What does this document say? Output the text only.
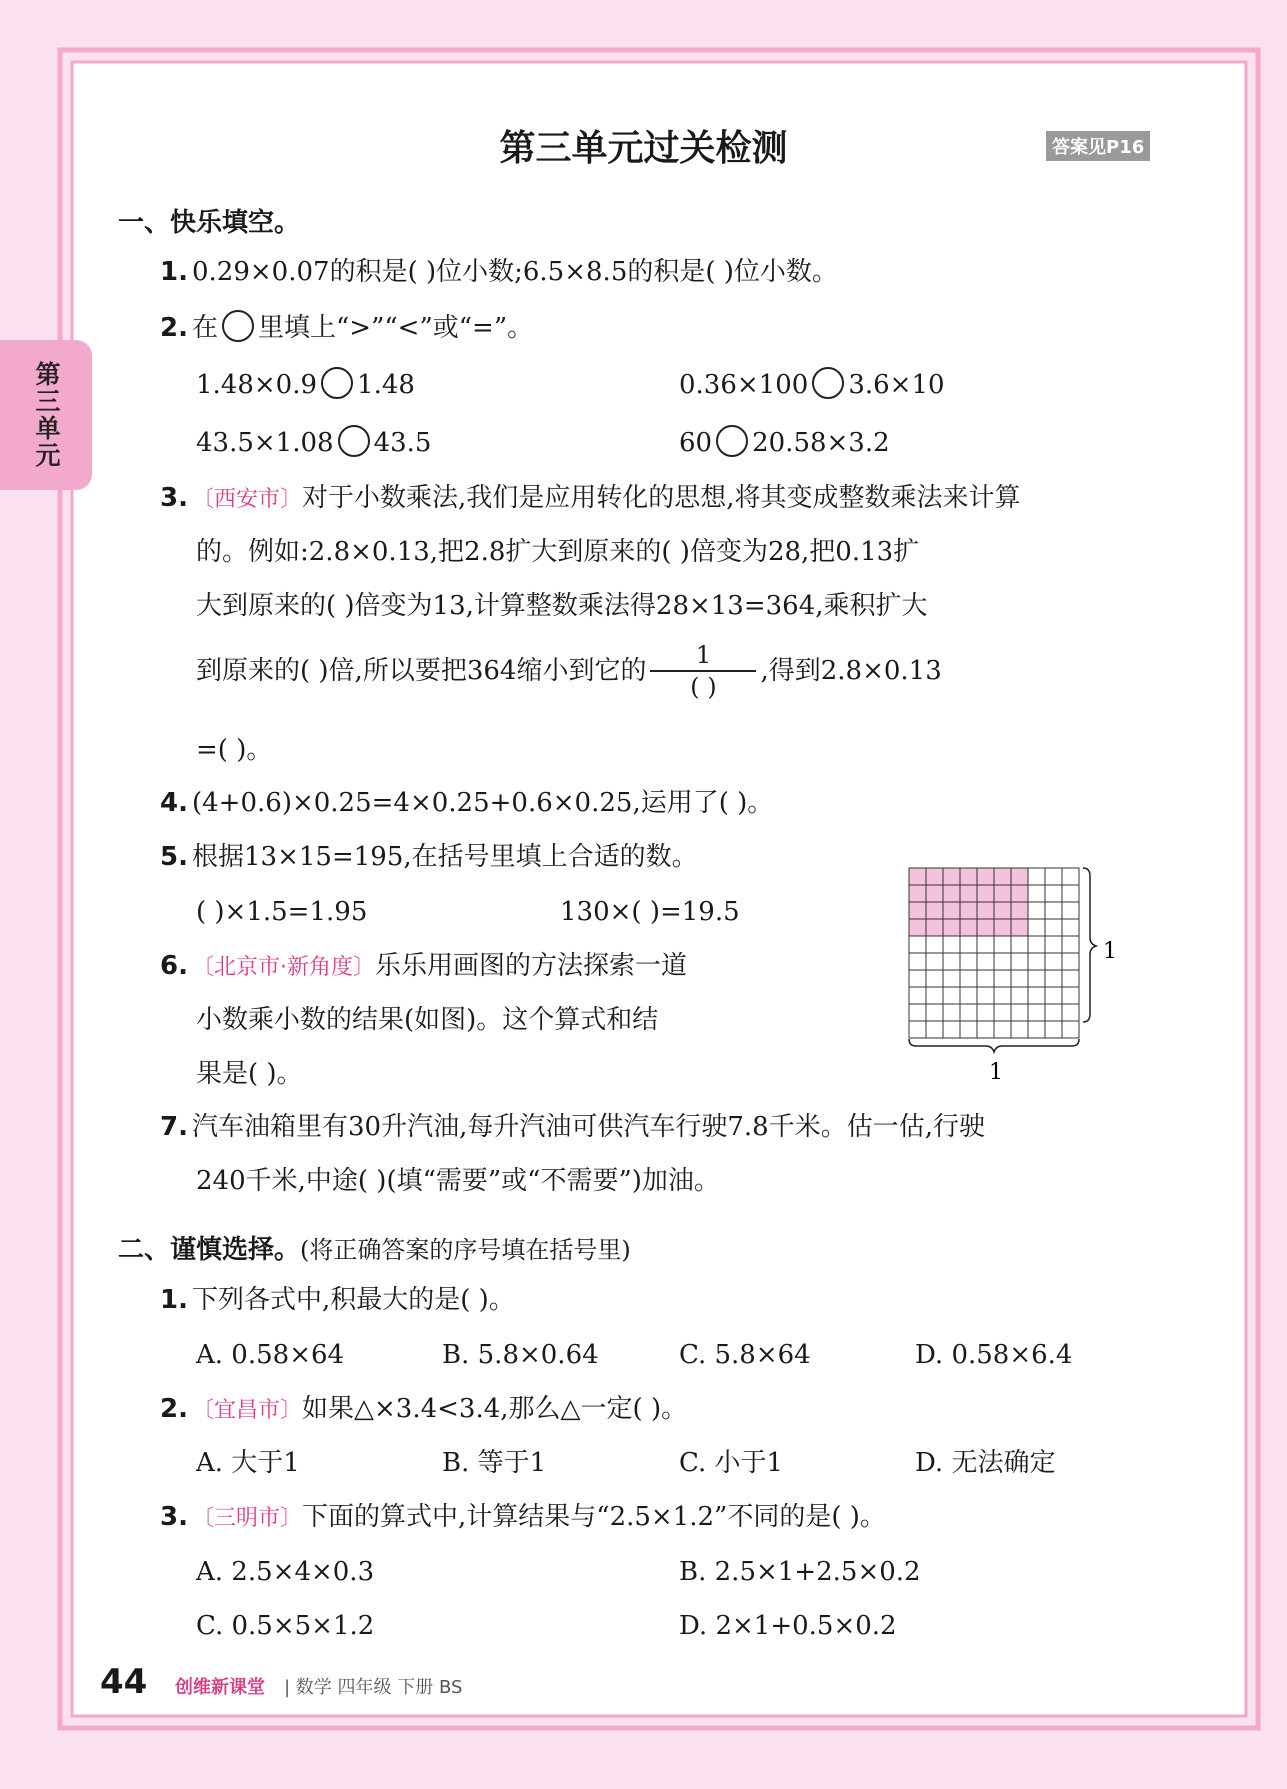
第三单元
第三单元过关检测	答案见P16
一、快乐填空。
1. 0.29×0.07的积是( )位小数;6.5×8.5的积是( )位小数。
2. 在 里填上“>”“<”或“=”。
1.48×0.9 1.48	0.36×100 3.6×10
43.5×1.08 43.5	60 20.58×3.2
3. 〔西安市〕对于小数乘法,我们是应用转化的思想,将其变成整数乘法来计算
的。例如:2.8×0.13,把2.8扩大到原来的( )倍变为28,把0.13扩
大到原来的( )倍变为13,计算整数乘法得28×13=364,乘积扩大
到原来的( )倍,所以要把364缩小到它的 $\frac{1}{( )}$ ,得到2.8×0.13
=( )。
4. (4+0.6)×0.25=4×0.25+0.6×0.25,运用了( )。
5. 根据13×15=195,在括号里填上合适的数。
( )×1.5=1.95	130×( )=19.5
6. 〔北京市·新角度〕乐乐用画图的方法探索一道
小数乘小数的结果(如图)。这个算式和结
果是( )。
1
1
7. 汽车油箱里有30升汽油,每升汽油可供汽车行驶7.8千米。估一估,行驶
240千米,中途( )(填“需要”或“不需要”)加油。
二、谨慎选择。(将正确答案的序号填在括号里)
1. 下列各式中,积最大的是( )。
A. 0.58×64	B. 5.8×0.64	C. 5.8×64	D. 0.58×6.4
2. 〔宜昌市〕如果△×3.4<3.4,那么△一定( )。
A. 大于1	B. 等于1	C. 小于1	D. 无法确定
3. 〔三明市〕下面的算式中,计算结果与“2.5×1.2”不同的是( )。
A. 2.5×4×0.3	B. 2.5×1+2.5×0.2
C. 0.5×5×1.2	D. 2×1+0.5×0.2
44 创维新课堂 | 数学 四年级 下册 BS
